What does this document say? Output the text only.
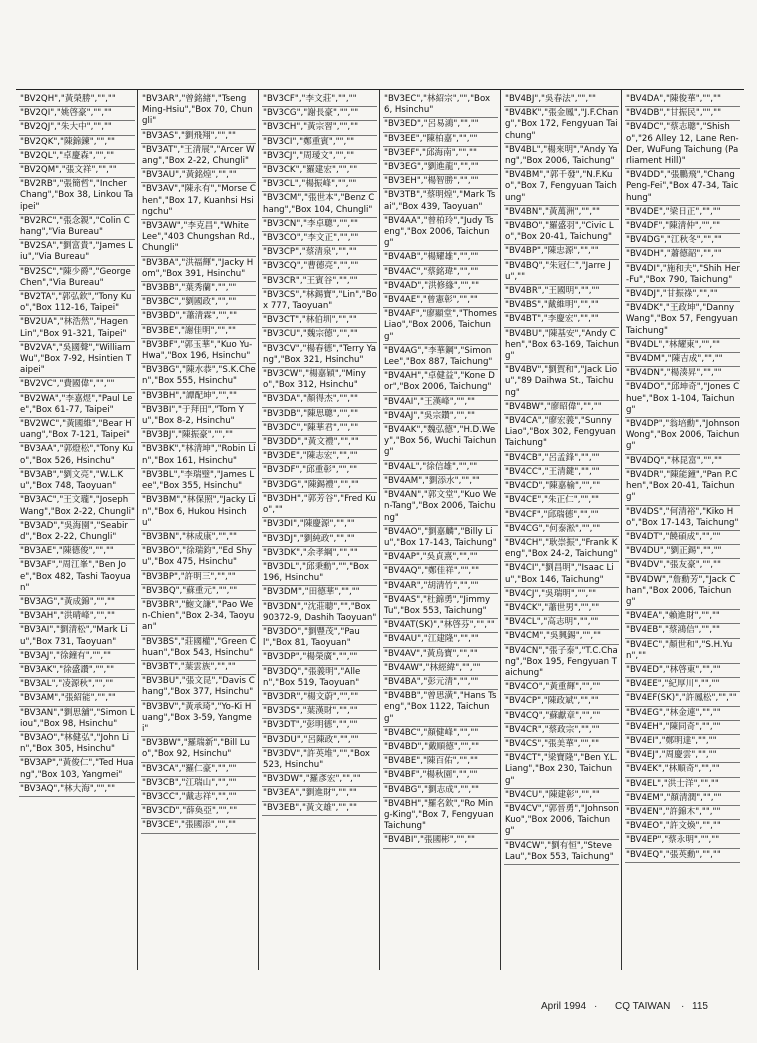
"BV2QH","黃榮勝","",""
"BV2QI","姚啓豪","",""
"BV2QJ","朱大中","",""
"BV2QK","陳錦鍊","",""
"BV2QL","卓慶森","",""
"BV2QM","張文祥","",""
"BV2RB","張簡哲","Incher Chang","Box 38, Linkou Taipei"
"BV2RC","張念親","Colin Chang","Via Bureau"
"BV2SA","劉富貴","James Liu","Via Bureau"
"BV2SC","陳少爵","George Chen","Via Bureau"
"BV2TA","郭弘欽","Tony Kuo","Box 112-16, Taipei"
"BV2UA","林浩然","Hagen Lin","Box 91-321, Taipei"
"BV2VA","吳國聲","William Wu","Box 7-92, Hsintien Taipei"
"BV2VC","費國偉","",""
"BV2WA","李嘉煜","Paul Lee","Box 61-77, Taipei"
"BV2WC","黃國維","Bear Huang","Box 7-121, Taipei"
"BV3AA","郭燈松","Tony Kuo","Box 526, Hsinchu"
"BV3AB","劉文亮","W.L.Ku","Box 748, Taoyuan"
"BV3AC","王文瓏","Joseph Wang","Box 2-22, Chungli"
"BV3AD","吳海園","Seabird","Box 2-22, Chungli"
"BV3AE","陳德俊","",""
"BV3AF","周江峯","Ben Joe","Box 482, Tashi Taoyuan"
"BV3AG","黃成錦","",""
"BV3AH","洪晴峰","",""
"BV3AI","劉清松","Mark Liu","Box 731, Taoyuan"
"BV3AJ","徐鐘有","",""
"BV3AK","徐盛讚","",""
"BV3AL","凌源秋","",""
"BV3AM","張紹能","",""
"BV3AN","劉思舖","Simon Liou","Box 98, Hsinchu"
"BV3AO","林健弘","John Lin","Box 305, Hsinchu"
"BV3AP","黃俊仁","Ted Huang","Box 103, Yangmei"
"BV3AQ","林大海","",""
"BV3AR","曾銘緒","Tseng Ming-Hsiu","Box 70, Chungli"
"BV3AS","劉飛翔","",""
"BV3AT","王清展","Arcer Wang","Box 2-22, Chungli"
"BV3AU","黃銘煌","",""
"BV3AV","陳永有","Morse Chen","Box 17, Kuanhsi Hsingchu"
"BV3AW","李克昌","White Lee","403 Chungshan Rd., Chungli"
"BV3BA","洪福輝","Jacky Hom","Box 391, Hsinchu"
"BV3BB","葉秀蘭","",""
"BV3BC","劉國政","",""
"BV3BD","蕭清霖","",""
"BV3BE","謝佳明","",""
"BV3BF","郭玉華","Kuo Yu-Hwa","Box 196, Hsinchu"
"BV3BG","陳水恭","S.K.Chen","Box 555, Hsinchu"
"BV3BH","譚配坤","",""
"BV3BI","于拜田","Tom Yu","Box 8-2, Hsinchu"
"BV3BJ","陳振豪","",""
"BV3BK","林清坤","Robin Lin","Box 161, Hsinchu"
"BV3BL","李瑞璧","James Lee","Box 355, Hsinchu"
"BV3BM","林保照","Jacky Lin","Box 6, Hukou Hsinchu"
"BV3BN","林成康","",""
"BV3BO","徐瑞鈞","Ed Shyu","Box 475, Hsinchu"
"BV3BP","許明三","",""
"BV3BQ","蘇重元","",""
"BV3BR","鮑文謙","Pao Wen-Chien","Box 2-34, Taoyuan"
"BV3BS","莊國權","Green Chuan","Box 543, Hsinchu"
"BV3BT","葉雲族","",""
"BV3BU","張文昆","Davis Chang","Box 377, Hsinchu"
"BV3BV","黃承琦","Yo-Ki Huang","Box 3-59, Yangmei"
"BV3BW","羅瑞新","Bill Luo","Box 92, Hsinchu"
"BV3CA","羅仁豪","",""
"BV3CB","江瑞山","",""
"BV3CC","戴志祥","",""
"BV3CD","薛奐亞","",""
"BV3CE","張國添","",""
"BV3CF","李文莊","",""
"BV3CG","謝長豪","",""
"BV3CH","黃宗習","",""
"BV3CI","鄭重賓","",""
"BV3CJ","周璦文","",""
"BV3CK","羅建宏","",""
"BV3CL","楊振峰","",""
"BV3CM","張世本","Benz Chang","Box 104, Chungli"
"BV3CN","李卓聰","",""
"BV3CO","李文正","",""
"BV3CP","蔡清泉","",""
"BV3CQ","曹德亮","",""
"BV3CR","王賓谷","",""
"BV3CS","林錫寶","Lin","Box 777, Taoyuan"
"BV3CT","林伯圳","",""
"BV3CU","魏宗德","",""
"BV3CV","楊舂德","Terry Yang","Box 321, Hsinchu"
"BV3CW","楊嘉穎","Minyo","Box 312, Hsinchu"
"BV3DA","顏得杰","",""
"BV3DB","陳思聰","",""
"BV3DC","陳華君","",""
"BV3DD","黃文禮","",""
"BV3DE","陳志宏","",""
"BV3DF","邱重彰","",""
"BV3DG","陳錫禮","",""
"BV3DH","郭芳谷","Fred Kuo",""
"BV3DI","陳慶源","",""
"BV3DJ","劉純政","",""
"BV3DK","余孝綱","",""
"BV3DL","邱秉勳","","Box 196, Hsinchu"
"BV3DM","田德華","",""
"BV3DN","沈莊聰","","Box 90372-9, Dashih Taoyuan"
"BV3DO","劉豐茂","Paul","Box 81, Taoyuan"
"BV3DP","楊榮廣","",""
"BV3DQ","張義明","Allen","Box 519, Taoyuan"
"BV3DR","楊文蔚","",""
"BV3DS","葉漢財","",""
"BV3DT","彭明德","",""
"BV3DU","呂陳政","",""
"BV3DV","許英堆","","Box 523, Hsinchu"
"BV3DW","羅彥宏","",""
"BV3EA","劉進財","",""
"BV3EB","黃文雄","",""
"BV3EC","林紹宗","","Box 6, Hsinchu"
"BV3ED","呂易鴻","",""
"BV3EE","陳柏嘉","",""
"BV3EF","邱海南","",""
"BV3EG","劉進龍","",""
"BV3EH","楊智勝","",""
"BV3TB","蔡明煌","Mark Tsai","Box 439, Taoyuan"
"BV4AA","曾柏玲","Judy Tseng","Box 2006, Taichung"
"BV4AB","楊耀雄","",""
"BV4AC","蔡銘瑋","",""
"BV4AD","洪修緣","",""
"BV4AE","曾憲彰","",""
"BV4AF","廖顯堂","Thomes Liao","Box 2006, Taichung"
"BV4AG","李華鋼","Simon Lee","Box 887, Taichung"
"BV4AH","卓健益","Kone Dor","Box 2006, Taichung"
"BV4AI","王漢峰","",""
"BV4AJ","吳宗鑽","",""
"BV4AK","魏弘德","H.D.Wey","Box 56, Wuchi Taichung"
"BV4AL","徐信雄","",""
"BV4AM","劉添水","",""
"BV4AN","郭文堂","Kuo Wen-Tang","Box 2006, Taichung"
"BV4AO","劉嘉麟","Billy Liu","Box 17-143, Taichung"
"BV4AP","吳貞熹","",""
"BV4AQ","鄭佳祥","",""
"BV4AR","胡清竹","",""
"BV4AS","杜錦勇","Jimmy Tu","Box 553, Taichung"
"BV4AT(SK)","林啓芬","",""
"BV4AU","江建隆","",""
"BV4AV","黃烏寶","",""
"BV4AW","林經緯","",""
"BV4BA","彭元清","",""
"BV4BB","曾思潢","Hans Tseng","Box 1122, Taichung"
"BV4BC","顏健峰","",""
"BV4BD","戴順德","",""
"BV4BE","陳百佑","",""
"BV4BF","楊秋園","",""
"BV4BG","劉志成","",""
"BV4BH","羅名欽","Ro Ming-King","Box 7, Fengyuan Taichung"
"BV4BI","張國彬","",""
"BV4BJ","吳春法","",""
"BV4BK","張金鳳","J.F.Chang","Box 172, Fengyuan Taichung"
"BV4BL","楊來明","Andy Yang","Box 2006, Taichung"
"BV4BM","郭千發","N.F.Kuo","Box 7, Fengyuan Taichung"
"BV4BN","黃萬洲","",""
"BV4BO","羅盛羽","Civic Lo","Box 20-41, Taichung"
"BV4BP","陳忠源","",""
"BV4BQ","朱冠仁","Jarre Ju",""
"BV4BR","王國明","",""
"BV4BS","戴維明","",""
"BV4BT","李慶宏","",""
"BV4BU","陳基安","Andy Chen","Box 63-169, Taichung"
"BV4BV","劉賀和","Jack Liou","89 Daihwa St., Taichung"
"BV4BW","廖昭偉","",""
"BV4CA","廖宏義","Sunny Liao","Box 302, Fengyuan Taichung"
"BV4CB","呂孟鋒","",""
"BV4CC","王清鍵","",""
"BV4CD","陳嘉榆","",""
"BV4CE","朱正仁","",""
"BV4CF","邱瑞德","",""
"BV4CG","何泰淞","",""
"BV4CH","耿崇振","Frank Keng","Box 24-2, Taichung"
"BV4CI","劉昌明","Isaac Liu","Box 146, Taichung"
"BV4CJ","吳瑞明","",""
"BV4CK","蕭世男","",""
"BV4CL","高志明","",""
"BV4CM","吳興錫","",""
"BV4CN","張子泰","T.C.Chang","Box 195, Fengyuan Taichung"
"BV4CO","黃重輝","",""
"BV4CP","陳政斌","",""
"BV4CQ","蘇獻章","",""
"BV4CR","蔡政宗","",""
"BV4CS","張美華","",""
"BV4CT","梁寶隆","Ben Y.L.Liang","Box 230, Taichung"
"BV4CU","陳建彰","",""
"BV4CV","郭晉勇","Johnson Kuo","Box 2006, Taichung"
"BV4CW","劉有恒","Steve Lau","Box 553, Taichung"
"BV4DA","陳俊華","",""
"BV4DB","甘振民","",""
"BV4DC","蔡志聰","Shisho","26 Alley 12, Lane Ren-Der, WuFung Taichung (Parliament Hill)"
"BV4DD","張鵬飛","Chang Peng-Fei","Box 47-34, Taichung"
"BV4DE","梁日正","",""
"BV4DF","陳清仲","",""
"BV4DG","江秋冬","",""
"BV4DH","蕭德韶","",""
"BV4DI","施和夫","Shih Her-Fu","Box 790, Taichung"
"BV4DJ","甘振祿","",""
"BV4DK","王政坤","Danny Wang","Box 57, Fengyuan Taichung"
"BV4DL","林耀東","",""
"BV4DM","陳吉成","",""
"BV4DN","楊湊昇","",""
"BV4DO","邱坤奇","Jones Chue","Box 1-104, Taichung"
"BV4DP","翁培勳","Johnson Wong","Box 2006, Taichung"
"BV4DQ","林昆富","",""
"BV4DR","陳能鐘","Pan P.Chen","Box 20-41, Taichung"
"BV4DS","何清裕","Kiko Ho","Box 17-143, Taichung"
"BV4DT","饒碩成","",""
"BV4DU","劉正錫","",""
"BV4DV","張友豪","",""
"BV4DW","詹勳芳","Jack Chan","Box 2006, Taichung"
"BV4EA","賴進財","",""
"BV4EB","蔡鴻信","",""
"BV4EC","顏世和","S.H.Yun",""
"BV4ED","林啓東","",""
"BV4EE","紀厚川","",""
"BV4EF(SK)","許鳳松","",""
"BV4EG","林金連","",""
"BV4EH","陳同奇","",""
"BV4EI","鄭明達","",""
"BV4EJ","周慶雲","",""
"BV4EK","林順奇","",""
"BV4EL","洪士洋","",""
"BV4EM","顏清潤","",""
"BV4EN","許錦木","",""
"BV4EO","許文煥","",""
"BV4EP","蔡永明","",""
"BV4EQ","張英勳","",""
April 1994 · CQ TAIWAN · 115
